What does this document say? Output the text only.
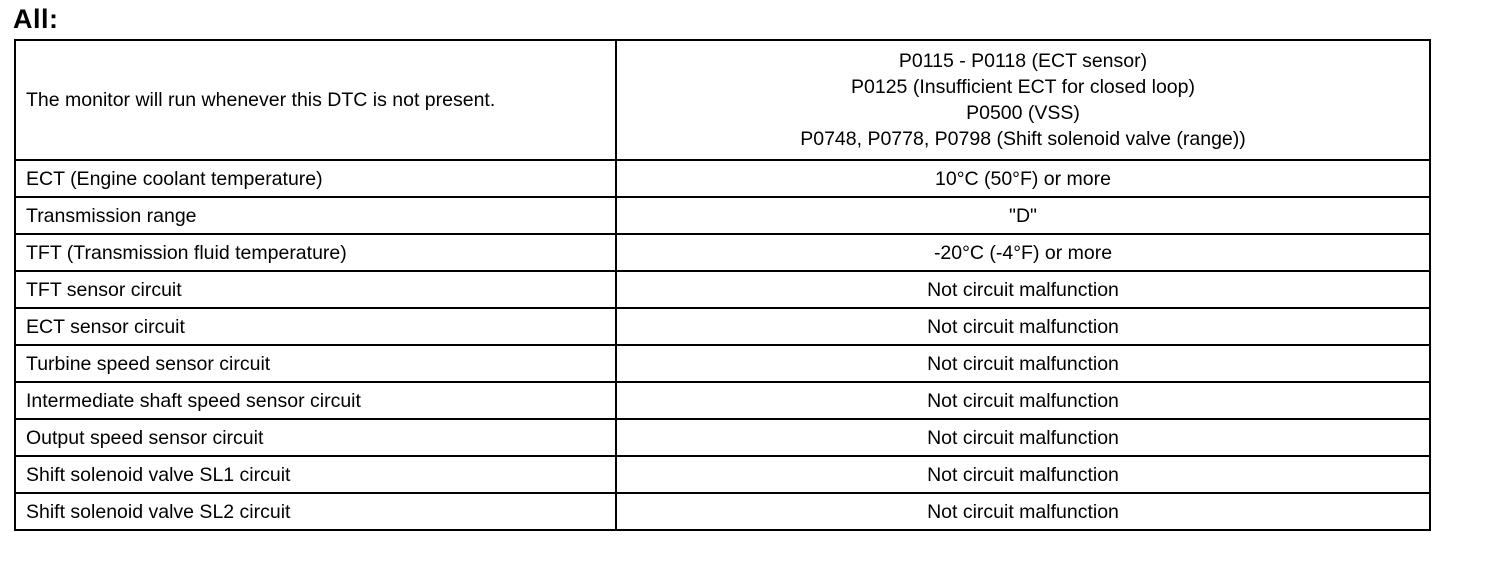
All:
The monitor will run whenever this DTC is not present.	P0115 - P0118 (ECT sensor)
P0125 (Insufficient ECT for closed loop)
P0500 (VSS)
P0748, P0778, P0798 (Shift solenoid valve (range))

ECT (Engine coolant temperature)	10°C (50°F) or more
Transmission range	"D"
TFT (Transmission fluid temperature)	-20°C (-4°F) or more
TFT sensor circuit	Not circuit malfunction
ECT sensor circuit	Not circuit malfunction
Turbine speed sensor circuit	Not circuit malfunction
Intermediate shaft speed sensor circuit	Not circuit malfunction
Output speed sensor circuit	Not circuit malfunction
Shift solenoid valve SL1 circuit	Not circuit malfunction
Shift solenoid valve SL2 circuit	Not circuit malfunction
